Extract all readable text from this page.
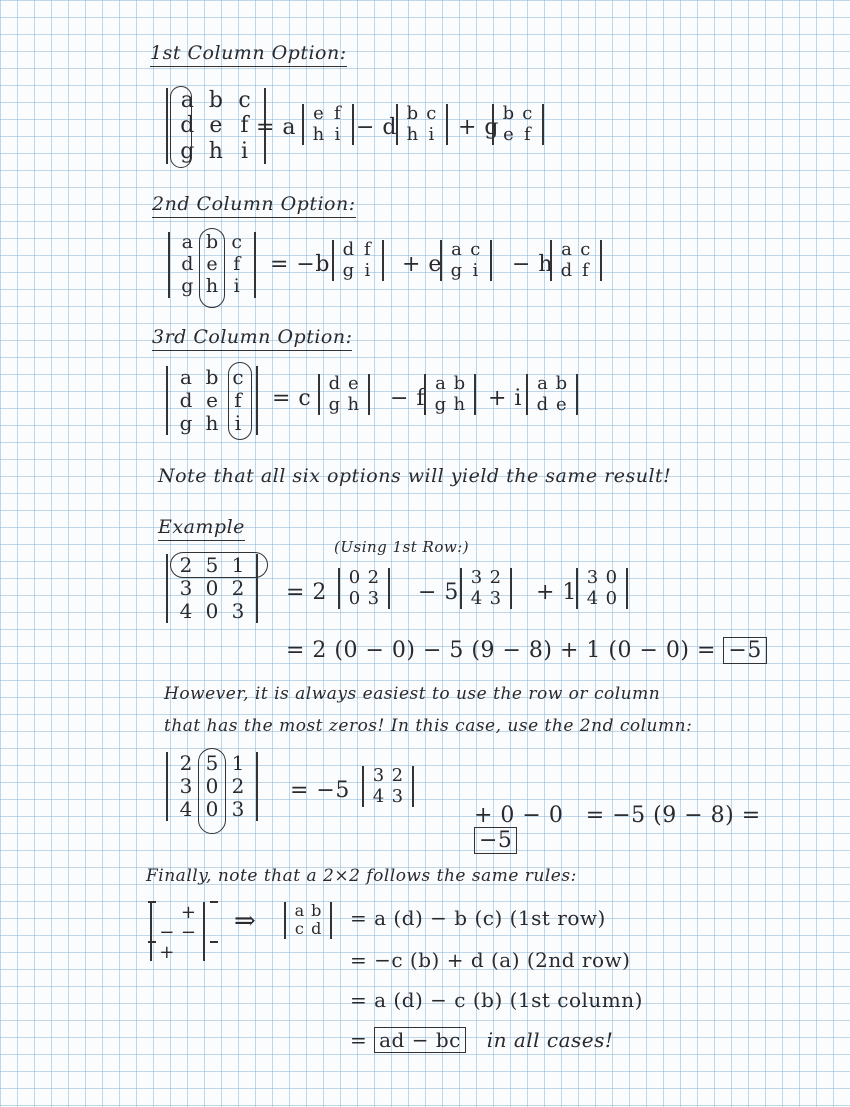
1st Column Option:
a b c
d e f
g h i
= a
e f
h i − d
b c
h i + g
b c
e f
2nd Column Option:
a b c
d e f
g h i
= −b
d f
g i + e
a c
g i − h
a c
d f
3rd Column Option:
a b c
d e f
g h i
= c
d e
g h − f
a b
g h + i
a b
d e
Note that all six options will yield the same result!
Example
(Using 1st Row:)
2 5 1
3 0 2
4 0 3
= 2
0 2
0 3 − 5
3 2
4 3 + 1
3 0
4 0
= 2 (0 − 0) − 5 (9 − 8) + 1 (0 − 0) = −5
However, it is always easiest to use the row or column
that has the most zeros! In this case, use the 2nd column:
2 5 1
3 0 2
4 0 3
= −5
3 2
4 3

+ 0 − 0   = −5 (9 − 8) =
−5

Finally, note that a 2×2 follows the same rules:
+
− −
+
⇒ a b
c d = a (d) − b (c) (1st row)
= −c (b) + d (a) (2nd row)
= a (d) − c (b) (1st column)
= ad − bc in all cases!
